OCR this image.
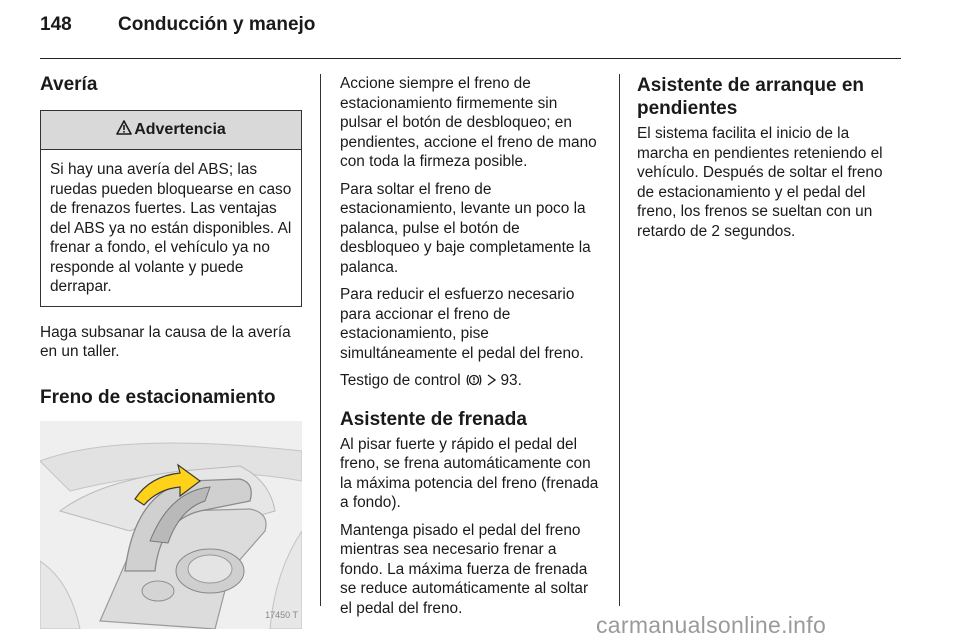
148 Conducción y manejo
Avería
Advertencia
Si hay una avería del ABS; las ruedas pueden bloquearse en caso de frenazos fuertes. Las ventajas del ABS ya no están disponibles. Al frenar a fondo, el vehículo ya no responde al volante y puede derrapar.

Haga subsanar la causa de la avería en un taller.

Freno de estacionamiento
17450 T

Accione siempre el freno de estacionamiento firmemente sin pulsar el botón de desbloqueo; en pendientes, accione el freno de mano con toda la firmeza posible.

Para soltar el freno de estacionamiento, levante un poco la palanca, pulse el botón de desbloqueo y baje completamente la palanca.

Para reducir el esfuerzo necesario para accionar el freno de estacionamiento, pise simultáneamente el pedal del freno.

Testigo de control	93.

Asistente de frenada

Al pisar fuerte y rápido el pedal del freno, se frena automáticamente con la máxima potencia del freno (frenada a fondo).

Mantenga pisado el pedal del freno mientras sea necesario frenar a fondo. La máxima fuerza de frenada se reduce automáticamente al soltar el pedal del freno.

Asistente de arranque en pendientes

El sistema facilita el inicio de la marcha en pendientes reteniendo el vehículo. Después de soltar el freno de estacionamiento y el pedal del freno, los frenos se sueltan con un retardo de 2 segundos.

carmanualsonline.info
